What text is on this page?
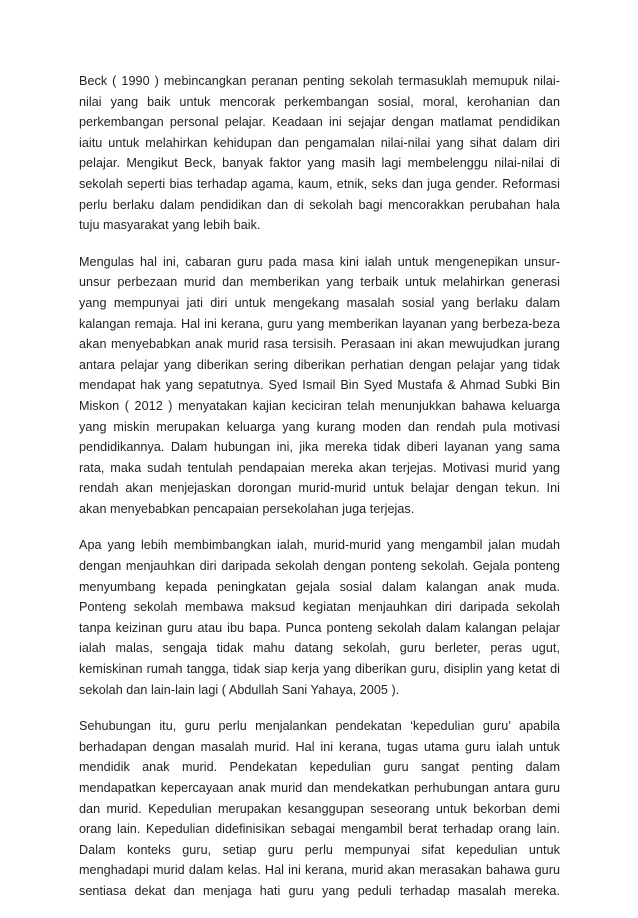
Beck ( 1990 ) mebincangkan peranan penting sekolah termasuklah memupuk nilai-nilai yang baik untuk mencorak perkembangan sosial, moral, kerohanian dan perkembangan personal pelajar. Keadaan ini sejajar dengan matlamat pendidikan iaitu untuk melahirkan kehidupan dan pengamalan nilai-nilai yang sihat dalam diri pelajar. Mengikut Beck, banyak faktor yang masih lagi membelenggu nilai-nilai di sekolah seperti bias terhadap agama, kaum, etnik, seks dan juga gender. Reformasi perlu berlaku dalam pendidikan dan di sekolah bagi mencorakkan perubahan hala tuju masyarakat yang lebih baik.

Mengulas hal ini, cabaran guru pada masa kini ialah untuk mengenepikan unsur-unsur perbezaan murid dan memberikan yang terbaik untuk melahirkan generasi yang mempunyai jati diri untuk mengekang masalah sosial yang berlaku dalam kalangan remaja. Hal ini kerana, guru yang memberikan layanan yang berbeza-beza akan menyebabkan anak murid rasa tersisih. Perasaan ini akan mewujudkan jurang antara pelajar yang diberikan sering diberikan perhatian dengan pelajar yang tidak mendapat hak yang sepatutnya. Syed Ismail Bin Syed Mustafa & Ahmad Subki Bin Miskon ( 2012 ) menyatakan kajian keciciran telah menunjukkan bahawa keluarga yang miskin merupakan keluarga yang kurang moden dan rendah pula motivasi pendidikannya. Dalam hubungan ini, jika mereka tidak diberi layanan yang sama rata, maka sudah tentulah pendapaian mereka akan terjejas. Motivasi murid yang rendah akan menjejaskan dorongan murid-murid untuk belajar dengan tekun. Ini akan menyebabkan pencapaian persekolahan juga terjejas.

Apa yang lebih membimbangkan ialah, murid-murid yang mengambil jalan mudah dengan menjauhkan diri daripada sekolah dengan ponteng sekolah. Gejala ponteng menyumbang kepada peningkatan gejala sosial dalam kalangan anak muda. Ponteng sekolah membawa maksud kegiatan menjauhkan diri daripada sekolah tanpa keizinan guru atau ibu bapa. Punca ponteng sekolah dalam kalangan pelajar ialah malas, sengaja tidak mahu datang sekolah, guru berleter, peras ugut, kemiskinan rumah tangga, tidak siap kerja yang diberikan guru, disiplin yang ketat di sekolah dan lain-lain lagi ( Abdullah Sani Yahaya, 2005 ).

Sehubungan itu, guru perlu menjalankan pendekatan ‘kepedulian guru’ apabila berhadapan dengan masalah murid. Hal ini kerana, tugas utama guru ialah untuk mendidik anak murid. Pendekatan kepedulian guru sangat penting dalam mendapatkan kepercayaan anak murid dan mendekatkan perhubungan antara guru dan murid. Kepedulian merupakan kesanggupan seseorang untuk bekorban demi orang lain. Kepedulian didefinisikan sebagai mengambil berat terhadap orang lain. Dalam konteks guru, setiap guru perlu mempunyai sifat kepedulian untuk menghadapi murid dalam kelas. Hal ini kerana, murid akan merasakan bahawa guru sentiasa dekat dan menjaga hati guru yang peduli terhadap masalah mereka.
